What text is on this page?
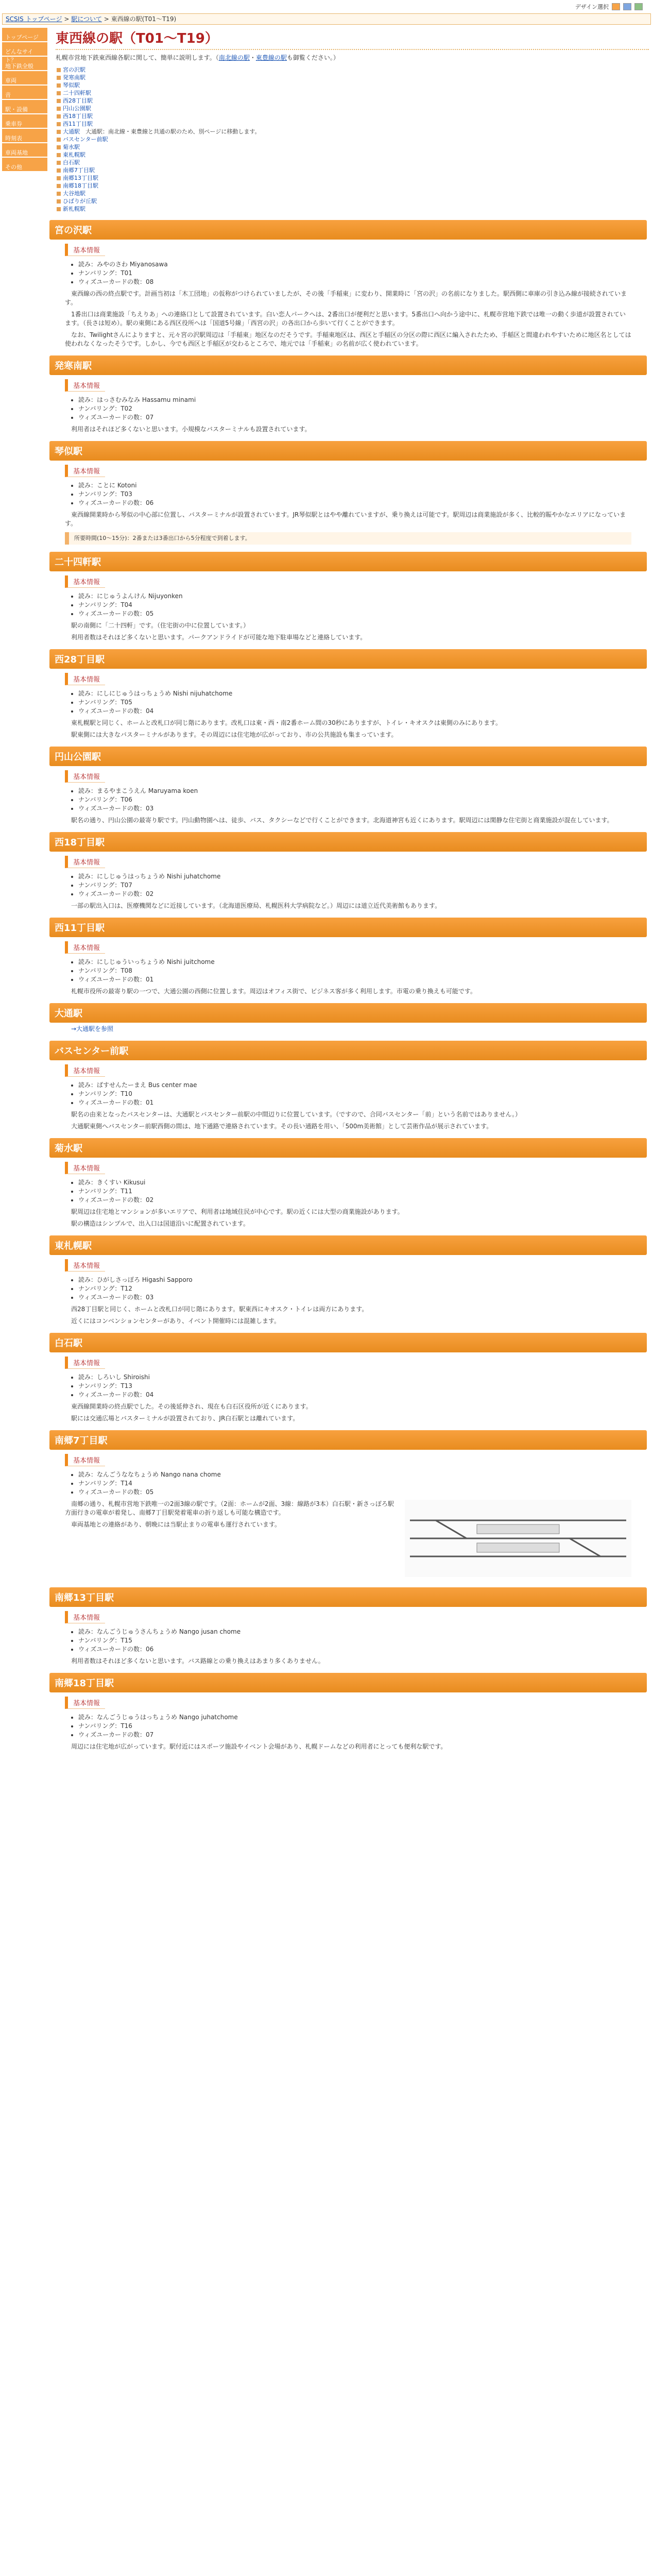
デザイン選択
SCSIS トップページ > 駅について > 東西線の駅(T01〜T19)
トップページ
どんなサイト？
地下鉄全般
車両
音
駅・設備
乗車券
時刻表
車両基地
その他
東西線の駅（T01〜T19）
札幌市営地下鉄東西線各駅に関して、簡単に説明します。（南北線の駅・東豊線の駅も御覧ください。）
宮の沢駅
発寒南駅
琴似駅
二十四軒駅
西28丁目駅
円山公園駅
西18丁目駅
西11丁目駅
大通駅　 大通駅：南北線・東豊線と共通の駅のため、別ページに移動します。
バスセンター前駅
菊水駅
東札幌駅
白石駅
南郷7丁目駅
南郷13丁目駅
南郷18丁目駅
大谷地駅
ひばりが丘駅
新札幌駅
宮の沢駅
基本情報
• 読み：みやのさわ Miyanosawa
• ナンバリング：T01
• ウィズユーカードの数：08

東西線の西の終点駅です。計画当初は「木工団地」の仮称がつけられていましたが、その後「手稲東」に変わり、開業時に「宮の沢」の名前になりました。駅西側に車庫の引き込み線が接続されています。

1番出口は商業施設「ちえりあ」への連絡口として設置されています。白い恋人パークへは、2番出口が便利だと思います。5番出口へ向かう途中に、札幌市営地下鉄では唯一の動く歩道が設置されています。（長さは短め）。駅の東側にある西区役所へは「国道5号線」「西宮の沢」の各出口から歩いて行くことができます。

なお、Twilightさんによりますと、元々宮の沢駅周辺は「手稲東」地区なのだそうです。手稲東地区は、西区と手稲区の分区の際に西区に編入されたため、手稲区と間違われやすいために地区名としては使われなくなったそうです。しかし、今でも西区と手稲区が交わるところで、地元では「手稲東」の名前が広く使われています。

発寒南駅
基本情報
• 読み：はっさむみなみ Hassamu minami
• ナンバリング：T02
• ウィズユーカードの数：07

利用者はそれほど多くないと思います。小規模なバスターミナルも設置されています。

琴似駅
基本情報
• 読み：ことに Kotoni
• ナンバリング：T03
• ウィズユーカードの数：06

東西線開業時から琴似の中心部に位置し、バスターミナルが設置されています。JR琴似駅とはやや離れていますが、乗り換えは可能です。駅周辺は商業施設が多く、比較的賑やかなエリアになっています。

所要時間(10〜15分)：2番または3番出口から5分程度で到着します。
二十四軒駅
基本情報
• 読み：にじゅうよんけん Nijuyonken
• ナンバリング：T04
• ウィズユーカードの数：05

駅の南側に「二十四軒」です。（住宅街の中に位置しています。）

利用者数はそれほど多くないと思います。パークアンドライドが可能な地下駐車場などと連絡しています。

西28丁目駅
基本情報
• 読み：にしにじゅうはっちょうめ Nishi nijuhatchome
• ナンバリング：T05
• ウィズユーカードの数：04

東札幌駅と同じく、ホームと改札口が同じ階にあります。改札口は東・西・南2番ホーム間の30秒にありますが、トイレ・キオスクは東側のみにあります。

駅東側には大きなバスターミナルがあります。その周辺には住宅地が広がっており、市の公共施設も集まっています。

円山公園駅
基本情報
• 読み：まるやまこうえん Maruyama koen
• ナンバリング：T06
• ウィズユーカードの数：03

駅名の通り、円山公園の最寄り駅です。円山動物園へは、徒歩、バス、タクシーなどで行くことができます。北海道神宮も近くにあります。駅周辺には閑静な住宅街と商業施設が混在しています。

西18丁目駅
基本情報
• 読み：にしじゅうはっちょうめ Nishi juhatchome
• ナンバリング：T07
• ウィズユーカードの数：02

一部の駅出入口は、医療機関などに近接しています。（北海道医療局、札幌医科大学病院など。）周辺には道立近代美術館もあります。

西11丁目駅
基本情報
• 読み：にしじゅういっちょうめ Nishi juitchome
• ナンバリング：T08
• ウィズユーカードの数：01

札幌市役所の最寄り駅の一つで、大通公園の西側に位置します。周辺はオフィス街で、ビジネス客が多く利用します。市電の乗り換えも可能です。

大通駅

→大通駅を参照

バスセンター前駅
基本情報
• 読み：ばすせんたーまえ Bus center mae
• ナンバリング：T10
• ウィズユーカードの数：01

駅名の由来となったバスセンターは、大通駅とバスセンター前駅の中間辺りに位置しています。（ですので、合同バスセンター「前」という名前ではありません。）

大通駅東側へバスセンター前駅西側の間は、地下通路で連絡されています。その長い通路を用い、「500m美術館」として芸術作品が展示されています。

菊水駅
基本情報
• 読み：きくすい Kikusui
• ナンバリング：T11
• ウィズユーカードの数：02

駅周辺は住宅地とマンションが多いエリアで、利用者は地域住民が中心です。駅の近くには大型の商業施設があります。

駅の構造はシンプルで、出入口は国道沿いに配置されています。

東札幌駅
基本情報
• 読み：ひがしさっぽろ Higashi Sapporo
• ナンバリング：T12
• ウィズユーカードの数：03

西28丁目駅と同じく、ホームと改札口が同じ階にあります。駅東西にキオスク・トイレは両方にあります。

近くにはコンベンションセンターがあり、イベント開催時には混雑します。

白石駅
基本情報
• 読み：しろいし Shiroishi
• ナンバリング：T13
• ウィズユーカードの数：04

東西線開業時の終点駅でした。その後延伸され、現在も白石区役所が近くにあります。

駅には交通広場とバスターミナルが設置されており、JR白石駅とは離れています。

南郷7丁目駅
基本情報
• 読み：なんごうななちょうめ Nango nana chome
• ナンバリング：T14
• ウィズユーカードの数：05

南郷の通り、札幌市営地下鉄唯一の2面3線の駅です。（2面：ホームが2面、3線：線路が3本）白石駅・新さっぽろ駅方面行きの電車が着発し、南郷7丁目駅発着電車の折り返しも可能な構造です。

車両基地との連絡があり、朝晩には当駅止まりの電車も運行されています。

南郷13丁目駅
基本情報
• 読み：なんごうじゅうさんちょうめ Nango jusan chome
• ナンバリング：T15
• ウィズユーカードの数：06

利用者数はそれほど多くないと思います。バス路線との乗り換えはあまり多くありません。

南郷18丁目駅
基本情報
• 読み：なんごうじゅうはっちょうめ Nango juhatchome
• ナンバリング：T16
• ウィズユーカードの数：07

周辺には住宅地が広がっています。駅付近にはスポーツ施設やイベント会場があり、札幌ドームなどの利用者にとっても便利な駅です。
